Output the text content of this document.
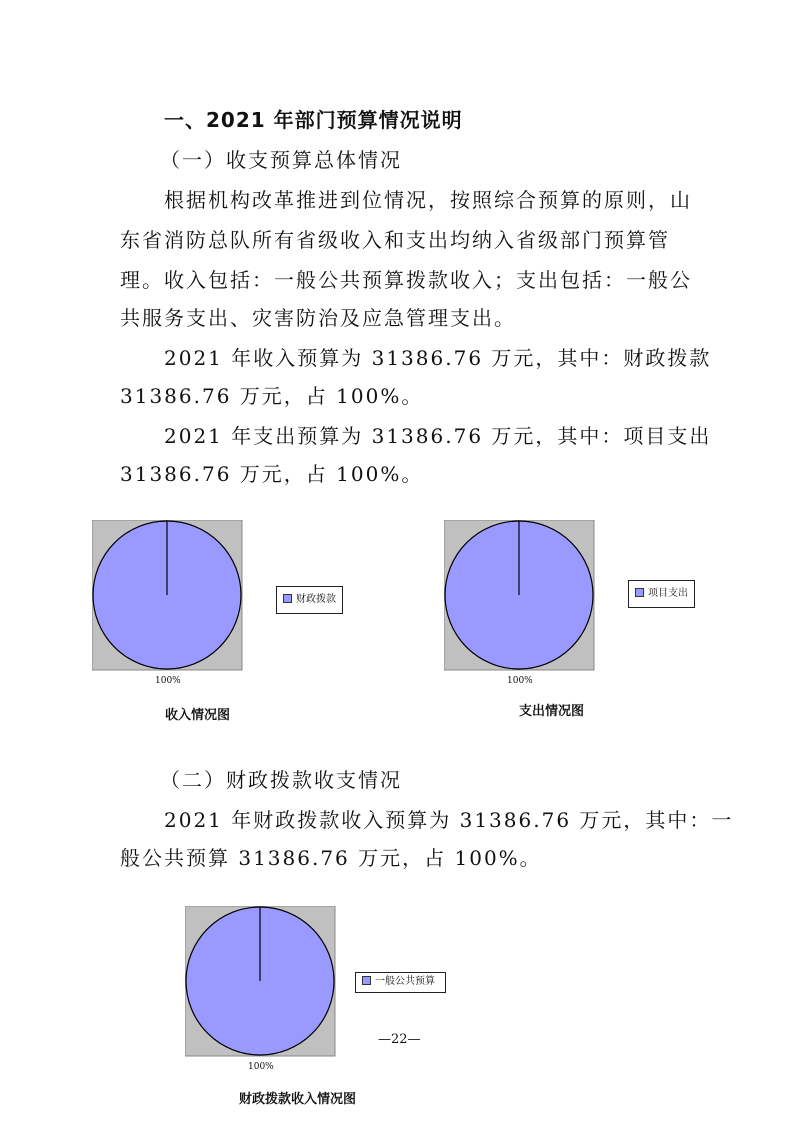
一、2021 年部门预算情况说明
（一）收支预算总体情况
根据机构改革推进到位情况，按照综合预算的原则，山
东省消防总队所有省级收入和支出均纳入省级部门预算管
理。收入包括：一般公共预算拨款收入；支出包括：一般公
共服务支出、灾害防治及应急管理支出。
2021 年收入预算为 31386.76 万元，其中：财政拨款
31386.76 万元，占 100%。
2021 年支出预算为 31386.76 万元，其中：项目支出
31386.76 万元，占 100%。
财政拨款
100%
收入情况图
项目支出
100%
支出情况图
（二）财政拨款收支情况
2021 年财政拨款收入预算为 31386.76 万元，其中：一
般公共预算 31386.76 万元，占 100%。
一般公共预算
100%
财政拨款收入情况图
—22—
